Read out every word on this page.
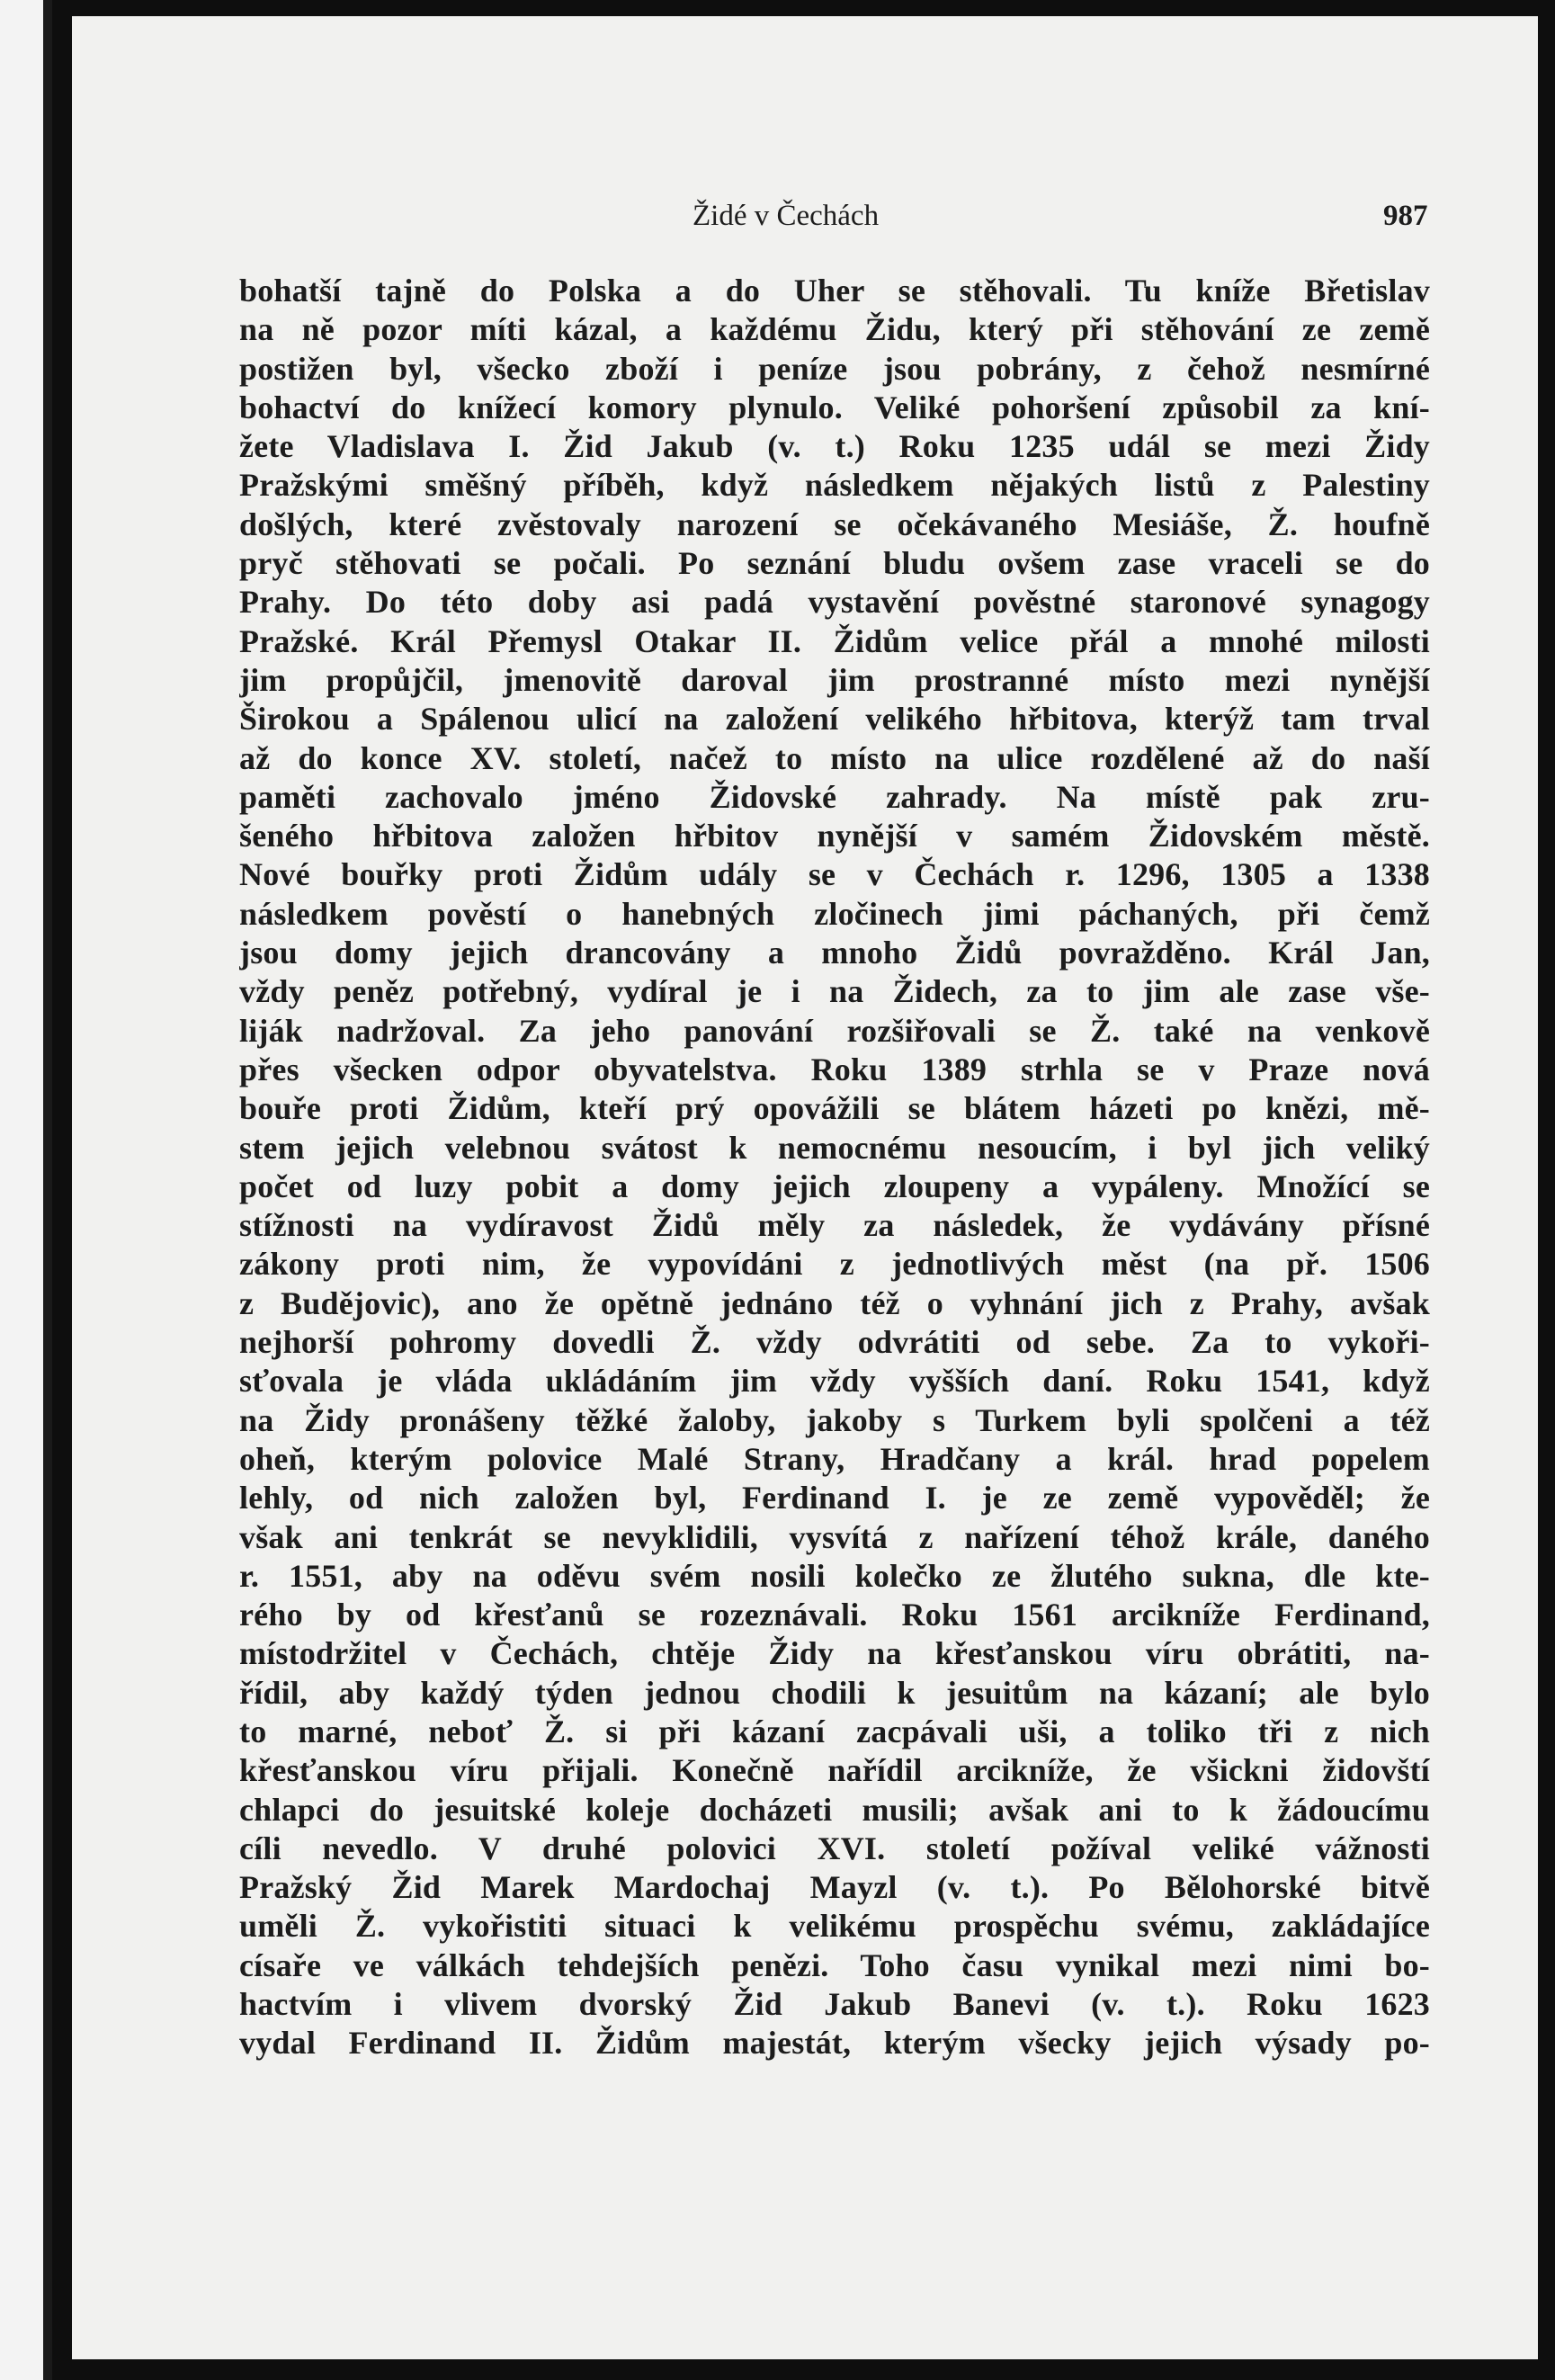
Židé v Čechách	987
bohatší tajně do Polska a do Uher se stěhovali. Tu kníže Břetislav
na ně pozor míti kázal, a každému Židu, který při stěhování ze země
postižen byl, všecko zboží i peníze jsou pobrány, z čehož nesmírné
bohactví do knížecí komory plynulo. Veliké pohoršení způsobil za kní-
žete Vladislava I. Žid Jakub (v. t.) Roku 1235 udál se mezi Židy
Pražskými směšný příběh, když následkem nějakých listů z Palestiny
došlých, které zvěstovaly narození se očekávaného Mesiáše, Ž. houfně
pryč stěhovati se počali. Po seznání bludu ovšem zase vraceli se do
Prahy. Do této doby asi padá vystavění pověstné staronové synagogy
Pražské. Král Přemysl Otakar II. Židům velice přál a mnohé milosti
jim propůjčil, jmenovitě daroval jim prostranné místo mezi nynější
Širokou a Spálenou ulicí na založení velikého hřbitova, kterýž tam trval
až do konce XV. století, načež to místo na ulice rozdělené až do naší
paměti zachovalo jméno Židovské zahrady. Na místě pak zru-
šeného hřbitova založen hřbitov nynější v samém Židovském městě.
Nové bouřky proti Židům udály se v Čechách r. 1296, 1305 a 1338
následkem pověstí o hanebných zločinech jimi páchaných, při čemž
jsou domy jejich drancovány a mnoho Židů povražděno. Král Jan,
vždy peněz potřebný, vydíral je i na Židech, za to jim ale zase vše-
liják nadržoval. Za jeho panování rozšiřovali se Ž. také na venkově
přes všecken odpor obyvatelstva. Roku 1389 strhla se v Praze nová
bouře proti Židům, kteří prý opovážili se blátem házeti po knězi, mě-
stem jejich velebnou svátost k nemocnému nesoucím, i byl jich veliký
počet od luzy pobit a domy jejich zloupeny a vypáleny. Množící se
stížnosti na vydíravost Židů měly za následek, že vydávány přísné
zákony proti nim, že vypovídáni z jednotlivých měst (na př. 1506
z Budějovic), ano že opětně jednáno též o vyhnání jich z Prahy, avšak
nejhorší pohromy dovedli Ž. vždy odvrátiti od sebe. Za to vykoři-
sťovala je vláda ukládáním jim vždy vyšších daní. Roku 1541, když
na Židy pronášeny těžké žaloby, jakoby s Turkem byli spolčeni a též
oheň, kterým polovice Malé Strany, Hradčany a král. hrad popelem
lehly, od nich založen byl, Ferdinand I. je ze země vypověděl; že
však ani tenkrát se nevyklidili, vysvítá z nařízení téhož krále, daného
r. 1551, aby na oděvu svém nosili kolečko ze žlutého sukna, dle kte-
rého by od křesťanů se rozeznávali. Roku 1561 arcikníže Ferdinand,
místodržitel v Čechách, chtěje Židy na křesťanskou víru obrátiti, na-
řídil, aby každý týden jednou chodili k jesuitům na kázaní; ale bylo
to marné, neboť Ž. si při kázaní zacpávali uši, a toliko tři z nich
křesťanskou víru přijali. Konečně nařídil arcikníže, že všickni židovští
chlapci do jesuitské koleje docházeti musili; avšak ani to k žádoucímu
cíli nevedlo. V druhé polovici XVI. století požíval veliké vážnosti
Pražský Žid Marek Mardochaj Mayzl (v. t.). Po Bělohorské bitvě
uměli Ž. vykořistiti situaci k velikému prospěchu svému, zakládajíce
císaře ve válkách tehdejších penězi. Toho času vynikal mezi nimi bo-
hactvím i vlivem dvorský Žid Jakub Banevi (v. t.). Roku 1623
vydal Ferdinand II. Židům majestát, kterým všecky jejich výsady po-
